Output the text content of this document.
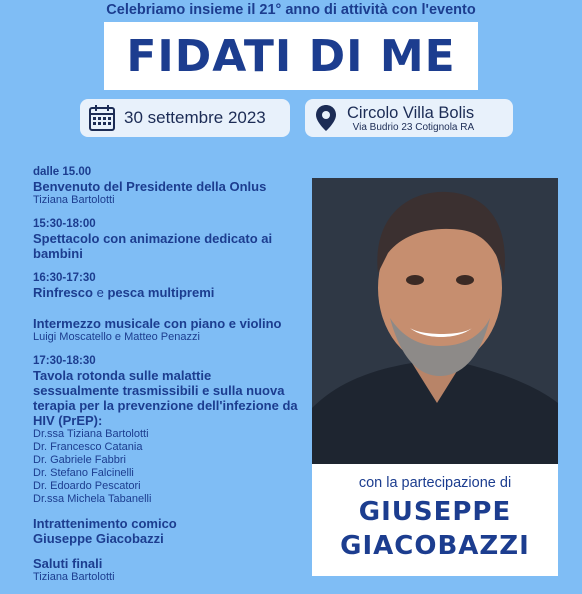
Celebriamo insieme il 21° anno di attività con l'evento
FIDATI DI ME
30 settembre 2023	Circolo Villa Bolis
Via Budrio 23 Cotignola RA
dalle 15.00
Benvenuto del Presidente della Onlus
Tiziana Bartolotti
15:30-18:00
Spettacolo con animazione dedicato ai bambini
16:30-17:30
Rinfresco e pesca multipremi
Intermezzo musicale con piano e violino
Luigi Moscatello e Matteo Penazzi
17:30-18:30
Tavola rotonda sulle malattie sessualmente trasmissibili e sulla nuova terapia per la prevenzione dell'infezione da HIV (PrEP):
Dr.ssa Tiziana Bartolotti
Dr. Francesco Catania
Dr. Gabriele Fabbri
Dr. Stefano Falcinelli
Dr. Edoardo Pescatori
Dr.ssa Michela Tabanelli
Intrattenimento comico
Giuseppe Giacobazzi
Saluti finali
Tiziana Bartolotti
con la partecipazione di
GIUSEPPE
GIACOBAZZI
